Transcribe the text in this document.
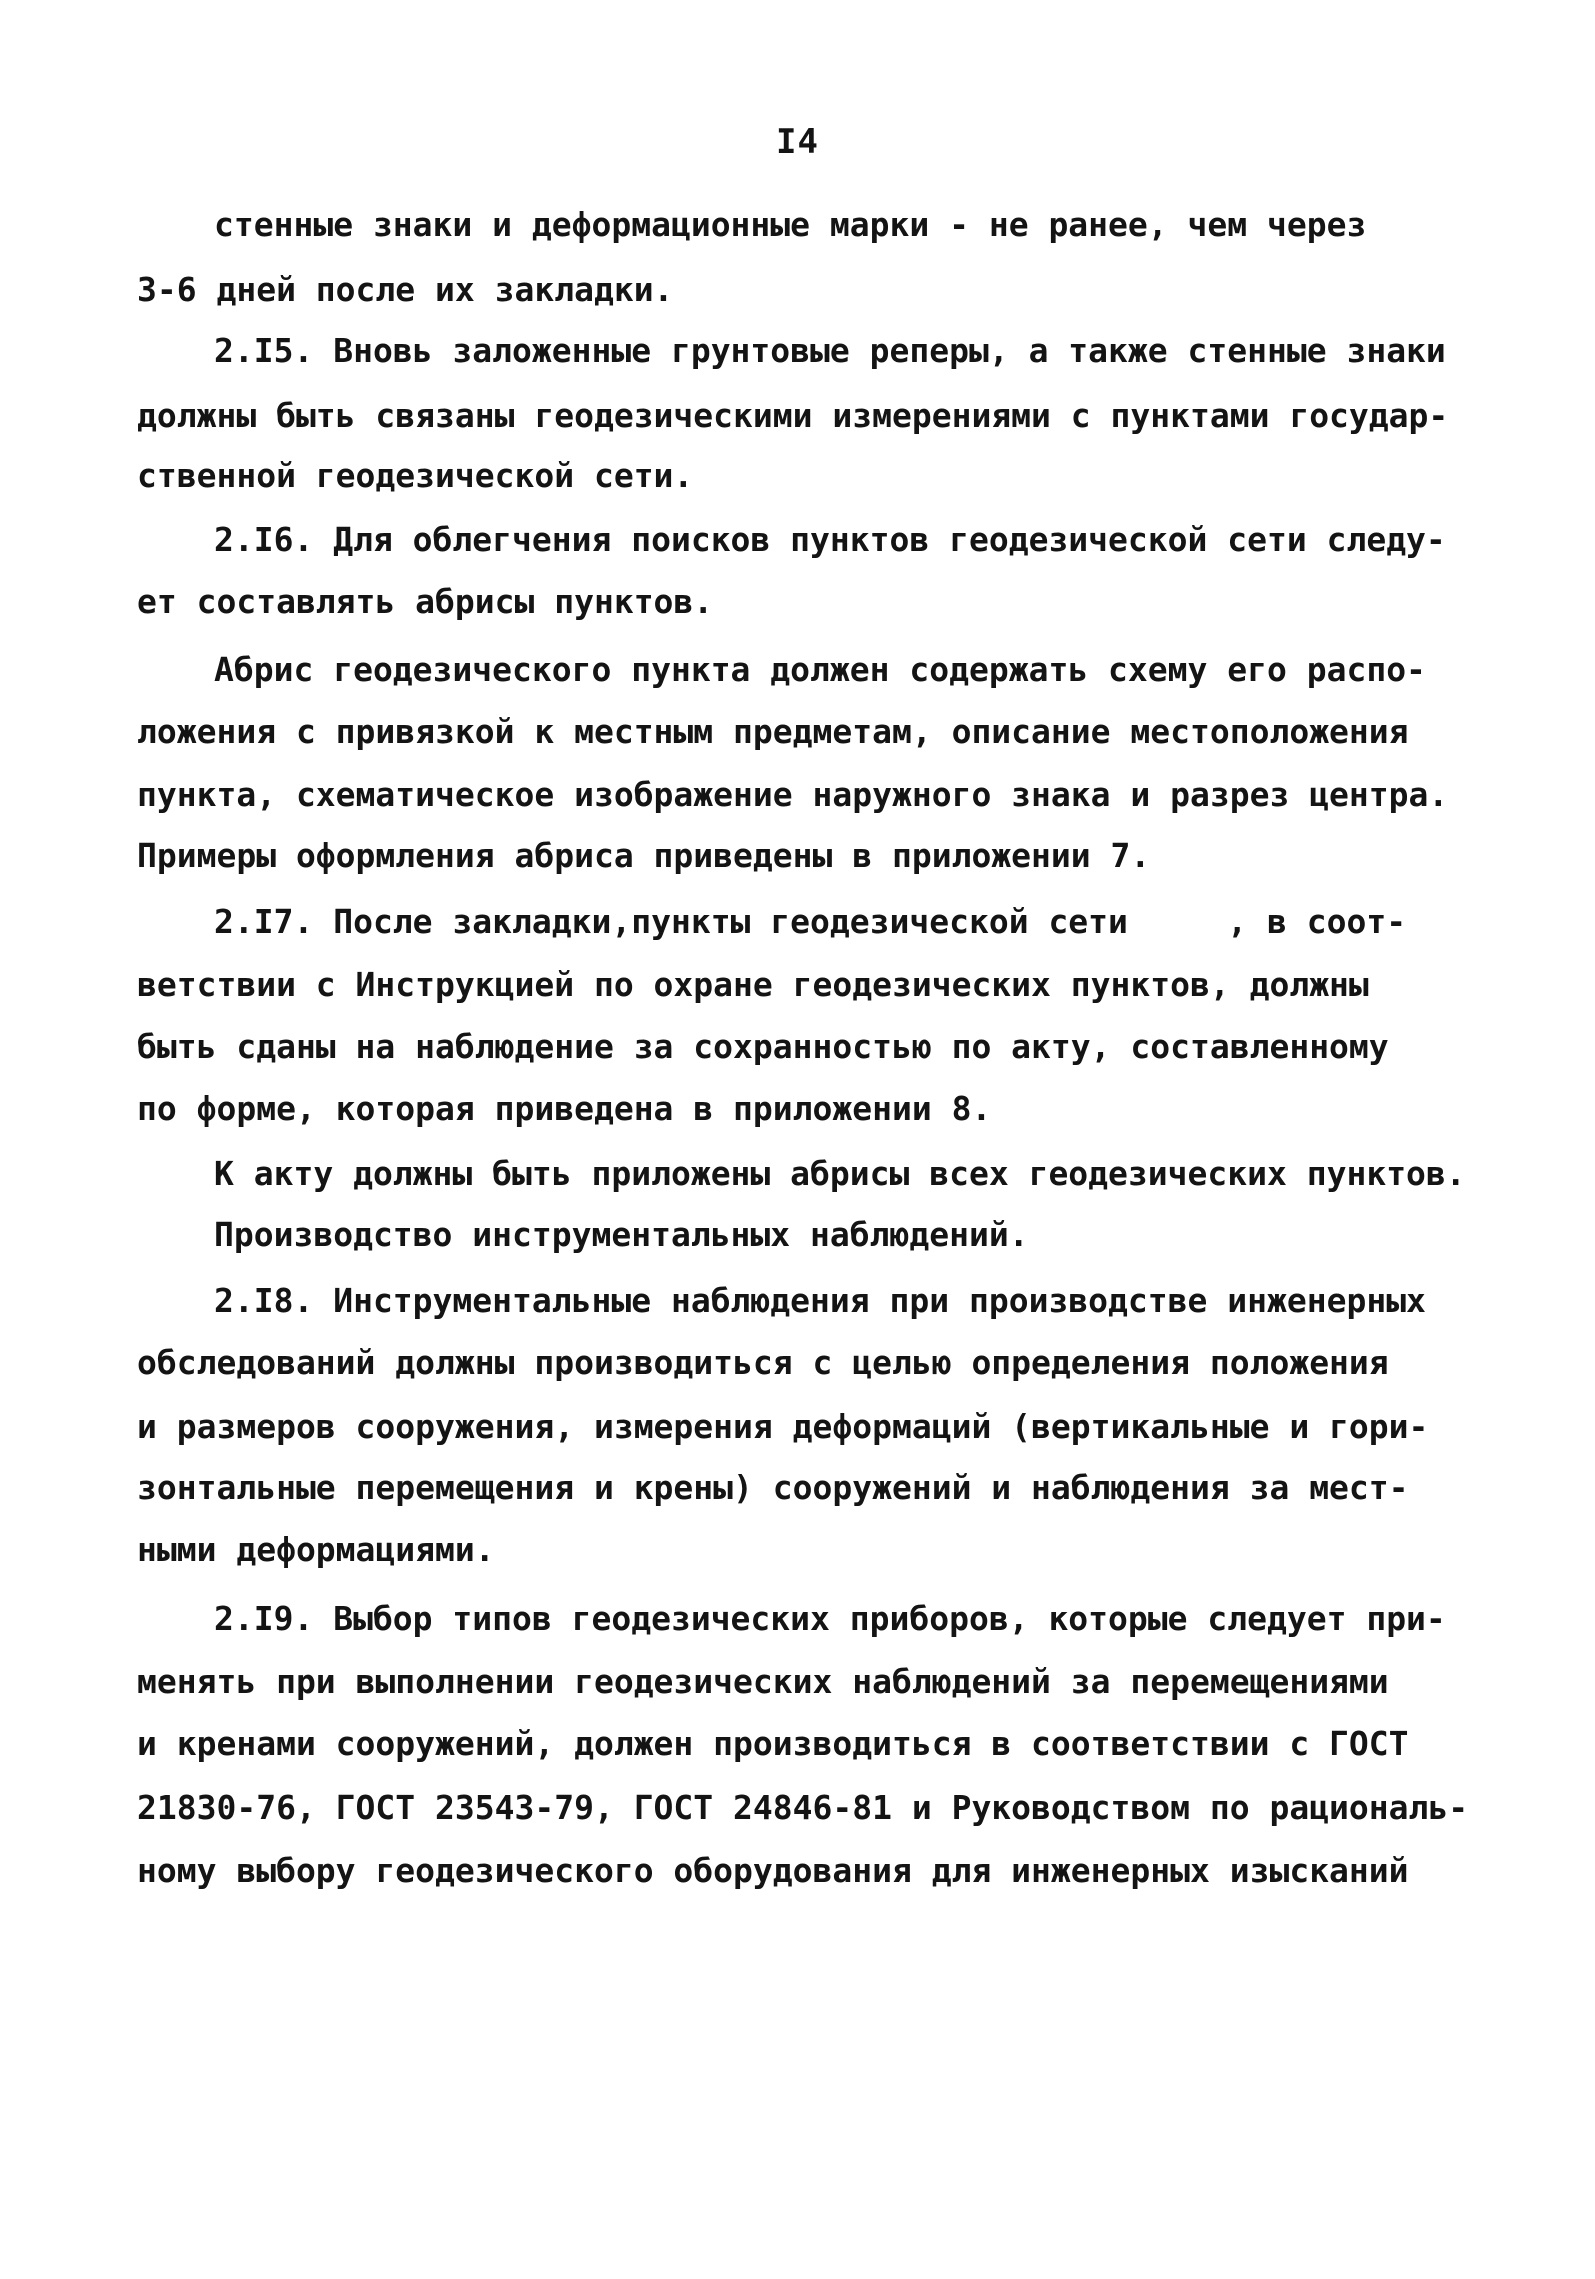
I4
стенные знаки и деформационные марки - не ранее, чем через
3-6 дней после их закладки.
2.I5. Вновь заложенные грунтовые реперы, а также стенные знаки
должны быть связаны геодезическими измерениями с пунктами государ-
ственной геодезической сети.
2.I6. Для облегчения поисков пунктов геодезической сети следу-
ет составлять абрисы пунктов.
Абрис геодезического пункта должен содержать схему его распо-
ложения с привязкой к местным предметам, описание местоположения
пункта, схематическое изображение наружного знака и разрез центра.
Примеры оформления абриса приведены в приложении 7.
2.I7. После закладки,пункты геодезической сети     , в соот-
ветствии с Инструкцией по охране геодезических пунктов, должны
быть сданы на наблюдение за сохранностью по акту, составленному
по форме, которая приведена в приложении 8.
К акту должны быть приложены абрисы всех геодезических пунктов.
Производство инструментальных наблюдений.
2.I8. Инструментальные наблюдения при производстве инженерных
обследований должны производиться с целью определения положения
и размеров сооружения, измерения деформаций (вертикальные и гори-
зонтальные перемещения и крены) сооружений и наблюдения за мест-
ными деформациями.
2.I9. Выбор типов геодезических приборов, которые следует при-
менять при выполнении геодезических наблюдений за перемещениями
и кренами сооружений, должен производиться в соответствии с ГОСТ
21830-76, ГОСТ 23543-79, ГОСТ 24846-81 и Руководством по рациональ-
ному выбору геодезического оборудования для инженерных изысканий
